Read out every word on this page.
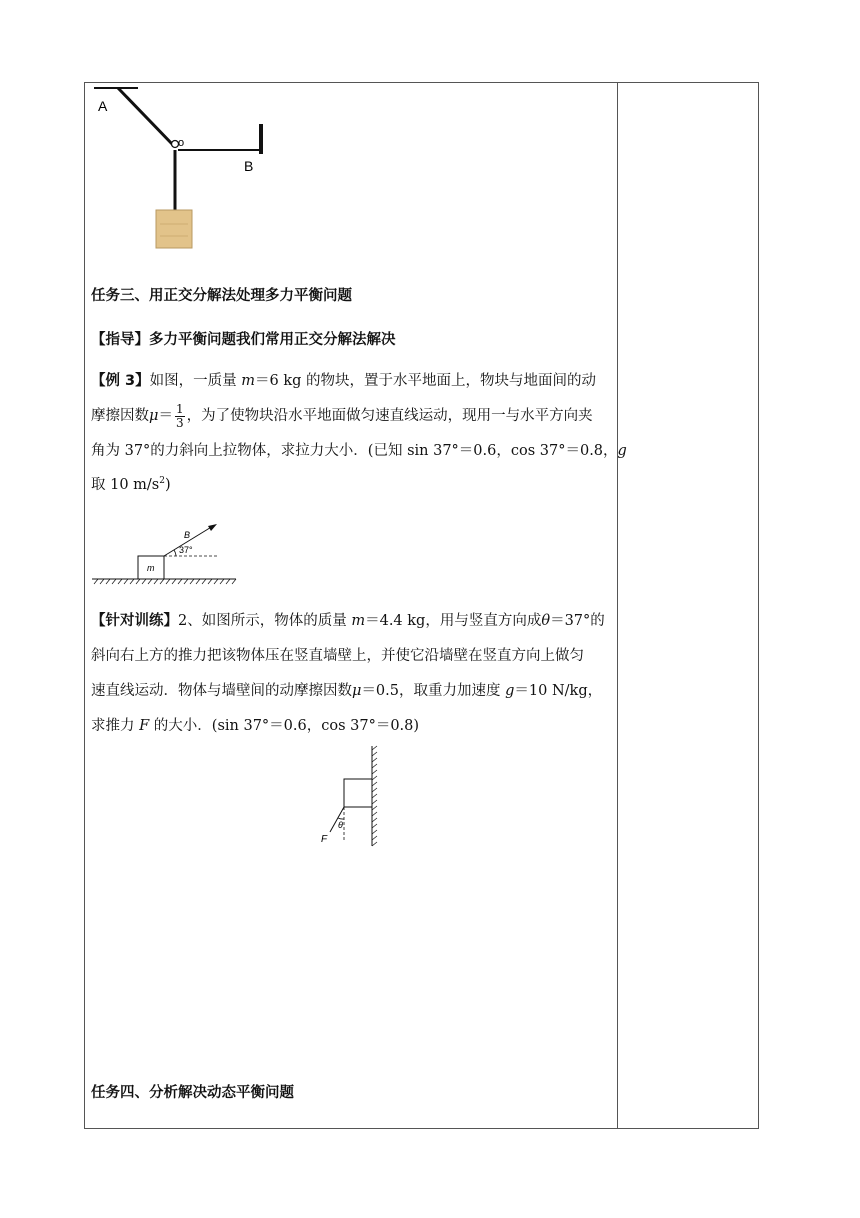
A
o
B
任务三、用正交分解法处理多力平衡问题
【指导】多力平衡问题我们常用正交分解法解决
【例 3】如图，一质量 m＝6 kg 的物块，置于水平地面上，物块与地面间的动
摩擦因数$\mu= \frac{1}{3}$ ，为了使物块沿水平地面做匀速直线运动，现用一与水平方向夹
角为 37°的力斜向上拉物体，求拉力大小．(已知 sin 37°＝0.6，cos 37°＝0.8，g
取 10 $m/s^2$)
B
37°
m
【针对训练】2、如图所示，物体的质量 m＝4.4 kg，用与竖直方向成θ＝37°的
斜向右上方的推力把该物体压在竖直墙壁上，并使它沿墙壁在竖直方向上做匀
速直线运动．物体与墙壁间的动摩擦因数μ＝0.5，取重力加速度 g＝10 N/kg，
求推力 F 的大小．(sin 37°＝0.6，cos 37°＝0.8)
θ
F
任务四、分析解决动态平衡问题
